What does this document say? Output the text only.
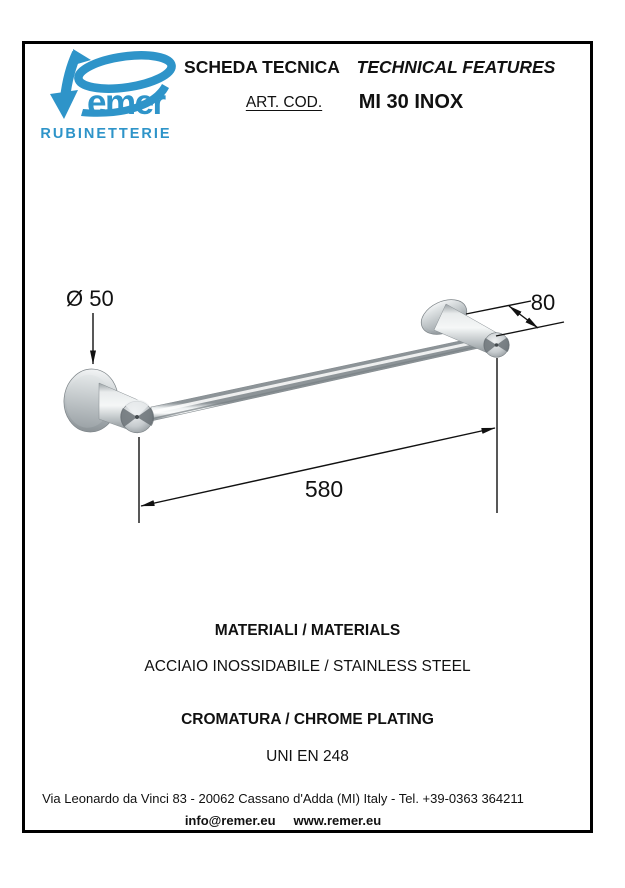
emer
RUBINETTERIE
SCHEDA TECNICA TECHNICAL FEATURES
ART. COD.	MI 30 INOX
Ø 50	80
580
MATERIALI / MATERIALS
ACCIAIO INOSSIDABILE / STAINLESS STEEL
CROMATURA / CHROME PLATING
UNI EN 248
Via Leonardo da Vinci 83 - 20062 Cassano d'Adda (MI) Italy - Tel. +39-0363 364211
info@remer.eu www.remer.eu
